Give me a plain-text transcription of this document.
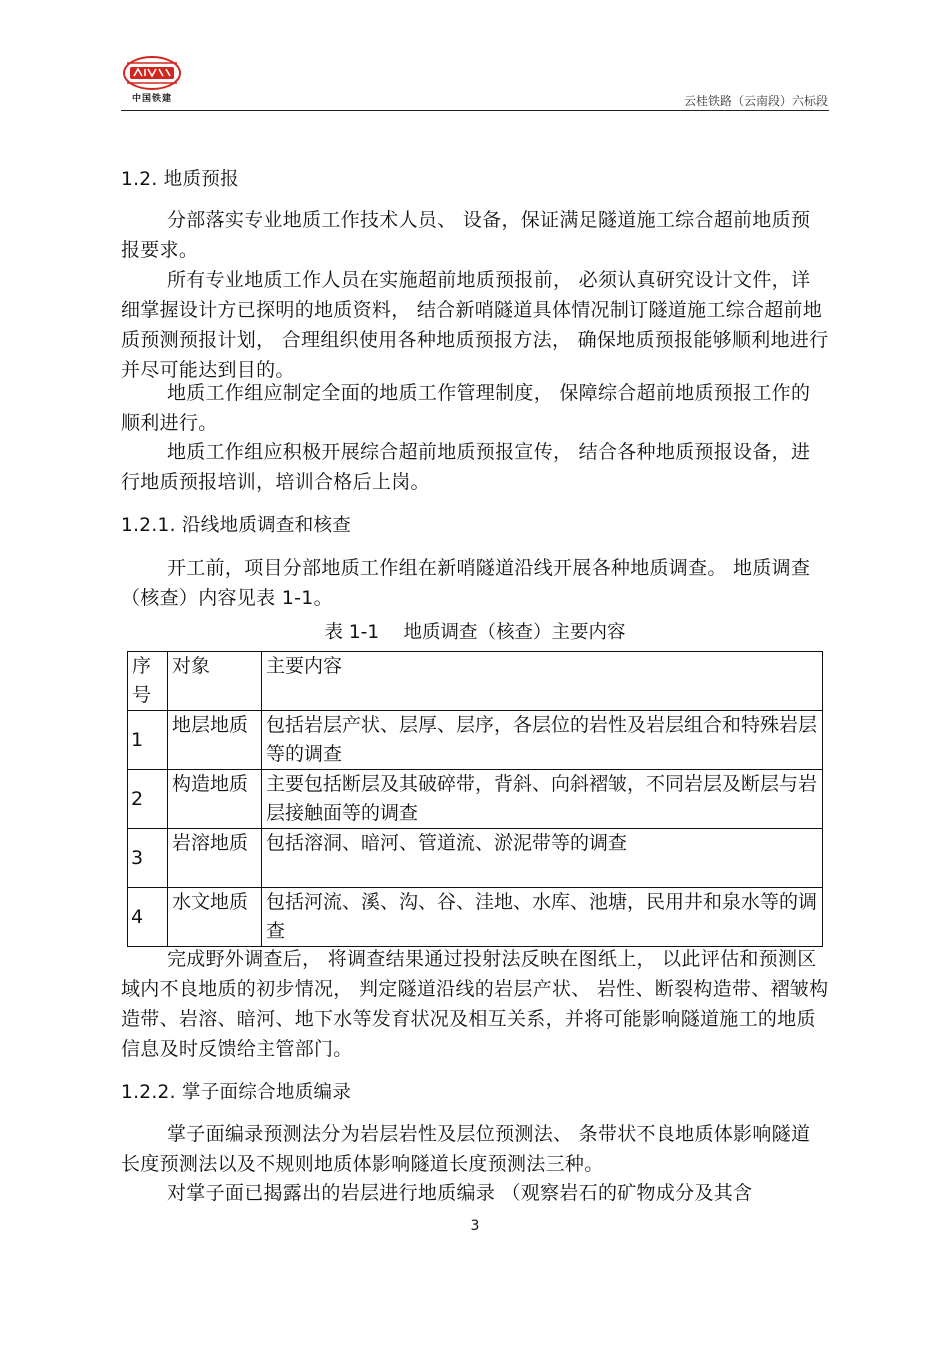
中国铁建	云桂铁路（云南段）六标段
1.2. 地质预报
分部落实专业地质工作技术人员、 设备，保证满足隧道施工综合超前地质预报要求。
所有专业地质工作人员在实施超前地质预报前， 必须认真研究设计文件，详细掌握设计方已探明的地质资料， 结合新哨隧道具体情况制订隧道施工综合超前地质预测预报计划， 合理组织使用各种地质预报方法， 确保地质预报能够顺利地进行并尽可能达到目的。
地质工作组应制定全面的地质工作管理制度， 保障综合超前地质预报工作的顺利进行。
地质工作组应积极开展综合超前地质预报宣传， 结合各种地质预报设备，进行地质预报培训，培训合格后上岗。
1.2.1. 沿线地质调查和核查
开工前，项目分部地质工作组在新哨隧道沿线开展各种地质调查。 地质调查（核查）内容见表 1-1。
表 1-1　 地质调查（核查）主要内容
序号	对象	主要内容
1	地层地质	包括岩层产状、层厚、层序，各层位的岩性及岩层组合和特殊岩层等的调查
2	构造地质	主要包括断层及其破碎带，背斜、向斜褶皱，不同岩层及断层与岩层接触面等的调查
3	岩溶地质	包括溶洞、暗河、管道流、淤泥带等的调查
4	水文地质	包括河流、溪、沟、谷、洼地、水库、池塘，民用井和泉水等的调查
完成野外调查后， 将调查结果通过投射法反映在图纸上， 以此评估和预测区域内不良地质的初步情况， 判定隧道沿线的岩层产状、 岩性、断裂构造带、褶皱构造带、岩溶、暗河、地下水等发育状况及相互关系，并将可能影响隧道施工的地质信息及时反馈给主管部门。
1.2.2. 掌子面综合地质编录
掌子面编录预测法分为岩层岩性及层位预测法、 条带状不良地质体影响隧道长度预测法以及不规则地质体影响隧道长度预测法三种。
对掌子面已揭露出的岩层进行地质编录 （观察岩石的矿物成分及其含
3
